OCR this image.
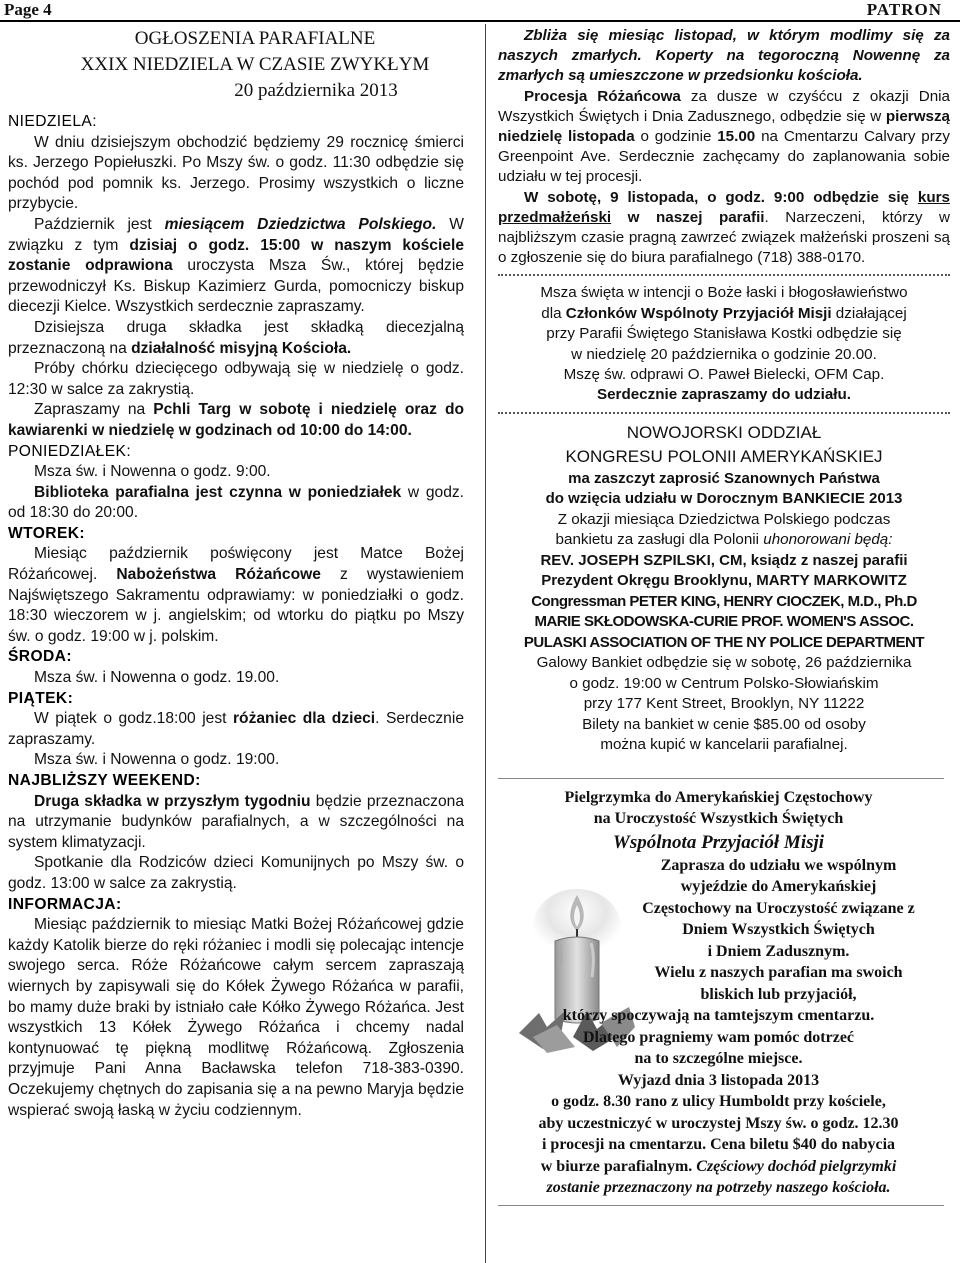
Page 4	PATRON
OGŁOSZENIA PARAFIALNE
XXIX NIEDZIELA W CZASIE ZWYKŁYM
20 października 2013

NIEDZIELA:

W dniu dzisiejszym obchodzić będziemy 29 rocznicę śmierci ks. Jerzego Popiełuszki. Po Mszy św. o godz. 11:30 odbędzie się pochód pod pomnik ks. Jerzego. Prosimy wszystkich o liczne przybycie.

Październik jest miesiącem Dziedzictwa Polskiego. W związku z tym dzisiaj o godz. 15:00 w naszym kościele zostanie odprawiona uroczysta Msza Św., której będzie przewodniczył Ks. Biskup Kazimierz Gurda, pomocniczy biskup diecezji Kielce. Wszystkich serdecznie zapraszamy.

Dzisiejsza druga składka jest składką diecezjalną przeznaczoną na działalność misyjną Kościoła.

Próby chórku dziecięcego odbywają się w niedzielę o godz. 12:30 w salce za zakrystią.

Zapraszamy na Pchli Targ w sobotę i niedzielę oraz do kawiarenki w niedzielę w godzinach od 10:00 do 14:00.

PONIEDZIAŁEK:

Msza św. i Nowenna o godz. 9:00.

Biblioteka parafialna jest czynna w poniedziałek w godz. od 18:30 do 20:00.

WTOREK:

Miesiąc październik poświęcony jest Matce Bożej Różańcowej. Nabożeństwa Różańcowe z wystawieniem Najświętszego Sakramentu odprawiamy: w poniedziałki o godz. 18:30 wieczorem w j. angielskim; od wtorku do piątku po Mszy św. o godz. 19:00 w j. polskim.

ŚRODA:

Msza św. i Nowenna o godz. 19.00.

PIĄTEK:

W piątek o godz.18:00 jest różaniec dla dzieci. Serdecznie zapraszamy.

Msza św. i Nowenna o godz. 19:00.

NAJBLIŻSZY WEEKEND:

Druga składka w przyszłym tygodniu będzie przeznaczona na utrzymanie budynków parafialnych, a w szczególności na system klimatyzacji.

Spotkanie dla Rodziców dzieci Komunijnych po Mszy św. o godz. 13:00 w salce za zakrystią.

INFORMACJA:

Miesiąc październik to miesiąc Matki Bożej Różańcowej gdzie każdy Katolik bierze do ręki różaniec i modli się polecając intencje swojego serca. Róże Różańcowe całym sercem zapraszają wiernych by zapisywali się do Kółek Żywego Różańca w parafii, bo mamy duże braki by istniało całe Kółko Żywego Różańca. Jest wszystkich 13 Kółek Żywego Różańca i chcemy nadal kontynuować tę piękną modlitwę Różańcową. Zgłoszenia przyjmuje Pani Anna Bacławska telefon 718-383-0390. Oczekujemy chętnych do zapisania się a na pewno Maryja będzie wspierać swoją łaską w życiu codziennym.

Zbliża się miesiąc listopad, w którym modlimy się za naszych zmarłych. Koperty na tegoroczną Nowennę za zmarłych są umieszczone w przedsionku kościoła.

Procesja Różańcowa za dusze w czyśćcu z okazji Dnia Wszystkich Świętych i Dnia Zadusznego, odbędzie się w pierwszą niedzielę listopada o godzinie 15.00 na Cmentarzu Calvary przy Greenpoint Ave. Serdecznie zachęcamy do zaplanowania sobie udziału w tej procesji.

W sobotę, 9 listopada, o godz. 9:00 odbędzie się kurs przedmałżeński w naszej parafii. Narzeczeni, którzy w najbliższym czasie pragną zawrzeć związek małżeński proszeni są o zgłoszenie się do biura parafialnego (718) 388-0170.

Msza święta w intencji o Boże łaski i błogosławieństwo
dla Członków Wspólnoty Przyjaciół Misji działającej
przy Parafii Świętego Stanisława Kostki odbędzie się
w niedzielę 20 października o godzinie 20.00.
Mszę św. odprawi O. Paweł Bielecki, OFM Cap.
Serdecznie zapraszamy do udziału.
NOWOJORSKI ODDZIAŁ
KONGRESU POLONII AMERYKAŃSKIEJ
ma zaszczyt zaprosić Szanownych Państwa
do wzięcia udziału w Dorocznym BANKIECIE 2013
Z okazji miesiąca Dziedzictwa Polskiego podczas
bankietu za zasługi dla Polonii uhonorowani będą:
REV. JOSEPH SZPILSKI, CM, ksiądz z naszej parafii
Prezydent Okręgu Brooklynu, MARTY MARKOWITZ
Congressman PETER KING, HENRY CIOCZEK, M.D., Ph.D
MARIE SKŁODOWSKA-CURIE PROF. WOMEN'S ASSOC.
PULASKI ASSOCIATION OF THE NY POLICE DEPARTMENT
Galowy Bankiet odbędzie się w sobotę, 26 października
o godz. 19:00 w Centrum Polsko-Słowiańskim
przy 177 Kent Street, Brooklyn, NY 11222
Bilety na bankiet w cenie $85.00 od osoby
można kupić w kancelarii parafialnej.
Pielgrzymka do Amerykańskiej Częstochowy
na Uroczystość Wszystkich Świętych
Wspólnota Przyjaciół Misji
Zaprasza do udziału we wspólnym
wyjeździe do Amerykańskiej
Częstochowy na Uroczystość związane z
Dniem Wszystkich Świętych
i Dniem Zadusznym.
Wielu z naszych parafian ma swoich
bliskich lub przyjaciół,
którzy spoczywają na tamtejszym cmentarzu.
Dlatego pragniemy wam pomóc dotrzeć
na to szczególne miejsce.
Wyjazd dnia 3 listopada 2013
o godz. 8.30 rano z ulicy Humboldt przy kościele,
aby uczestniczyć w uroczystej Mszy św. o godz. 12.30
i procesji na cmentarzu. Cena biletu $40 do nabycia
w biurze parafialnym. Częściowy dochód pielgrzymki
zostanie przeznaczony na potrzeby naszego kościoła.
